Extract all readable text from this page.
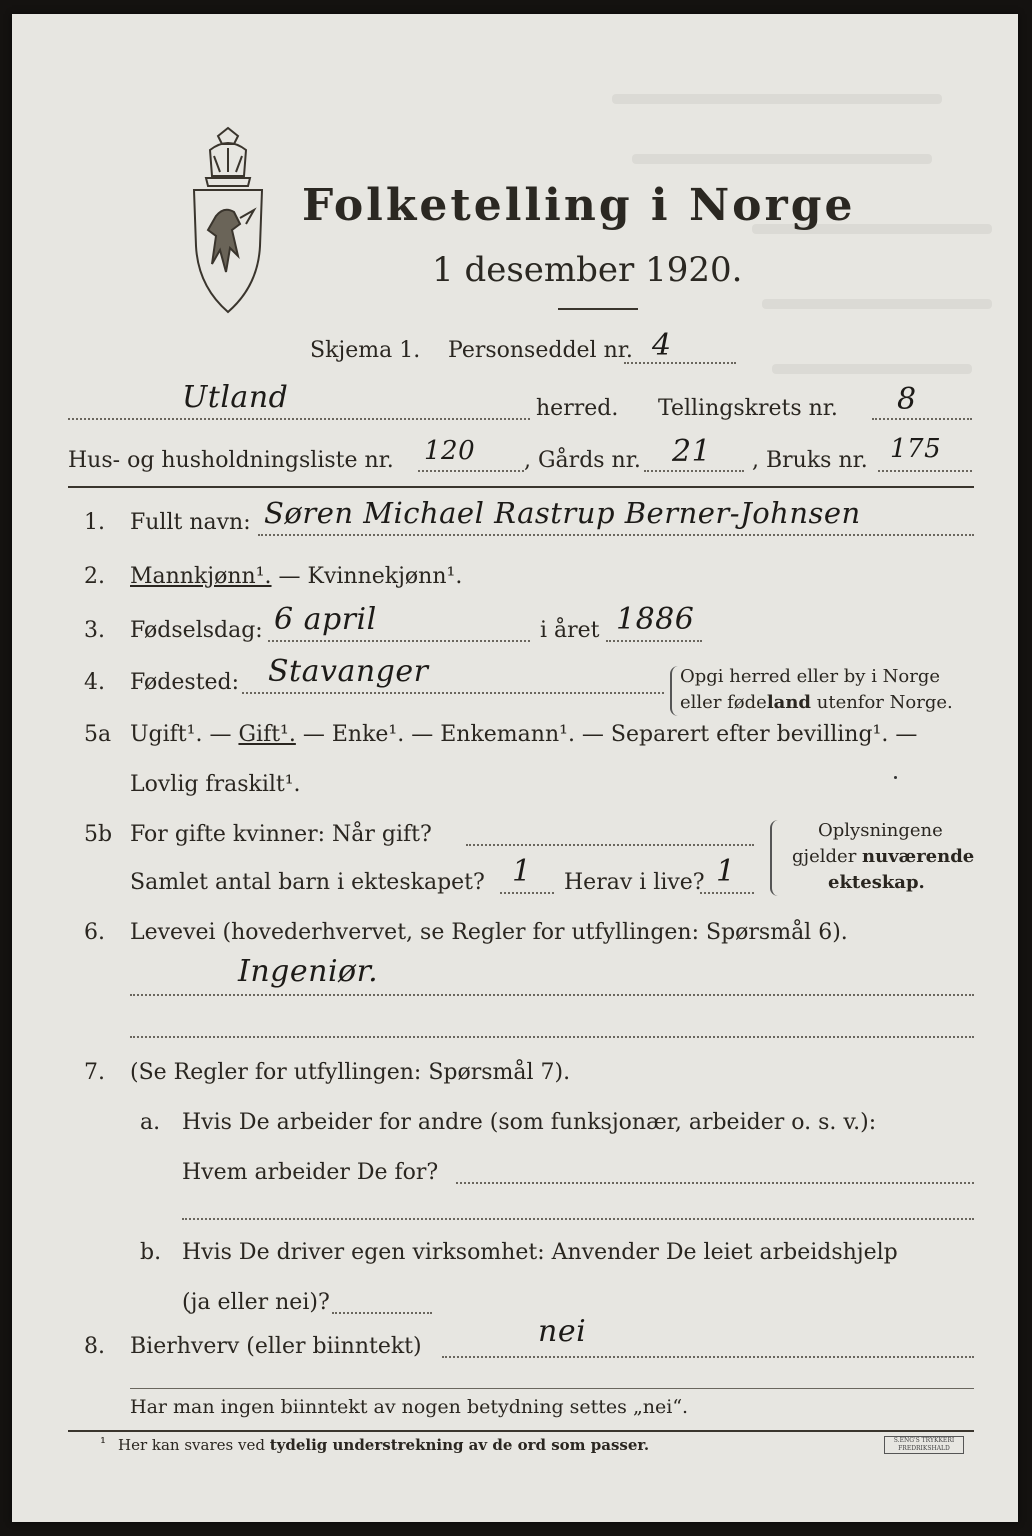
Folketelling i Norge
1 desember 1920.
Skjema 1. Personseddel nr. 4
Utland	herred. Tellingskrets nr. 8
Hus- og husholdningsliste nr. 120 , Gårds nr. 21 , Bruks nr. 175
1. Fullt navn: Søren Michael Rastrup Berner-Johnsen
2. Mannkjønn¹. — Kvinnekjønn¹.
3. Fødselsdag: 6 april	i året 1886
4. Fødested: Stavanger	Opgi herred eller by i Norge
eller fødeland utenfor Norge.
5a Ugift¹. — Gift¹. — Enke¹. — Enkemann¹. — Separert efter bevilling¹. —
Lovlig fraskilt¹.
5b For gifte kvinner: Når gift?
Samlet antal barn i ekteskapet? 1 Herav i live? 1
Oplysningene
gjelder nuværende
ekteskap.
6. Levevei (hovederhvervet, se Regler for utfyllingen: Spørsmål 6).
Ingeniør.
7. (Se Regler for utfyllingen: Spørsmål 7).
a. Hvis De arbeider for andre (som funksjonær, arbeider o. s. v.):
Hvem arbeider De for?
b. Hvis De driver egen virksomhet: Anvender De leiet arbeidshjelp
(ja eller nei)?
8. Bierhverv (eller biinntekt)	nei
Har man ingen biinntekt av nogen betydning settes „nei“.
¹ Her kan svares ved tydelig understrekning av de ord som passer.	S.ENG'S TRYKKERI FREDRIKSHALD
